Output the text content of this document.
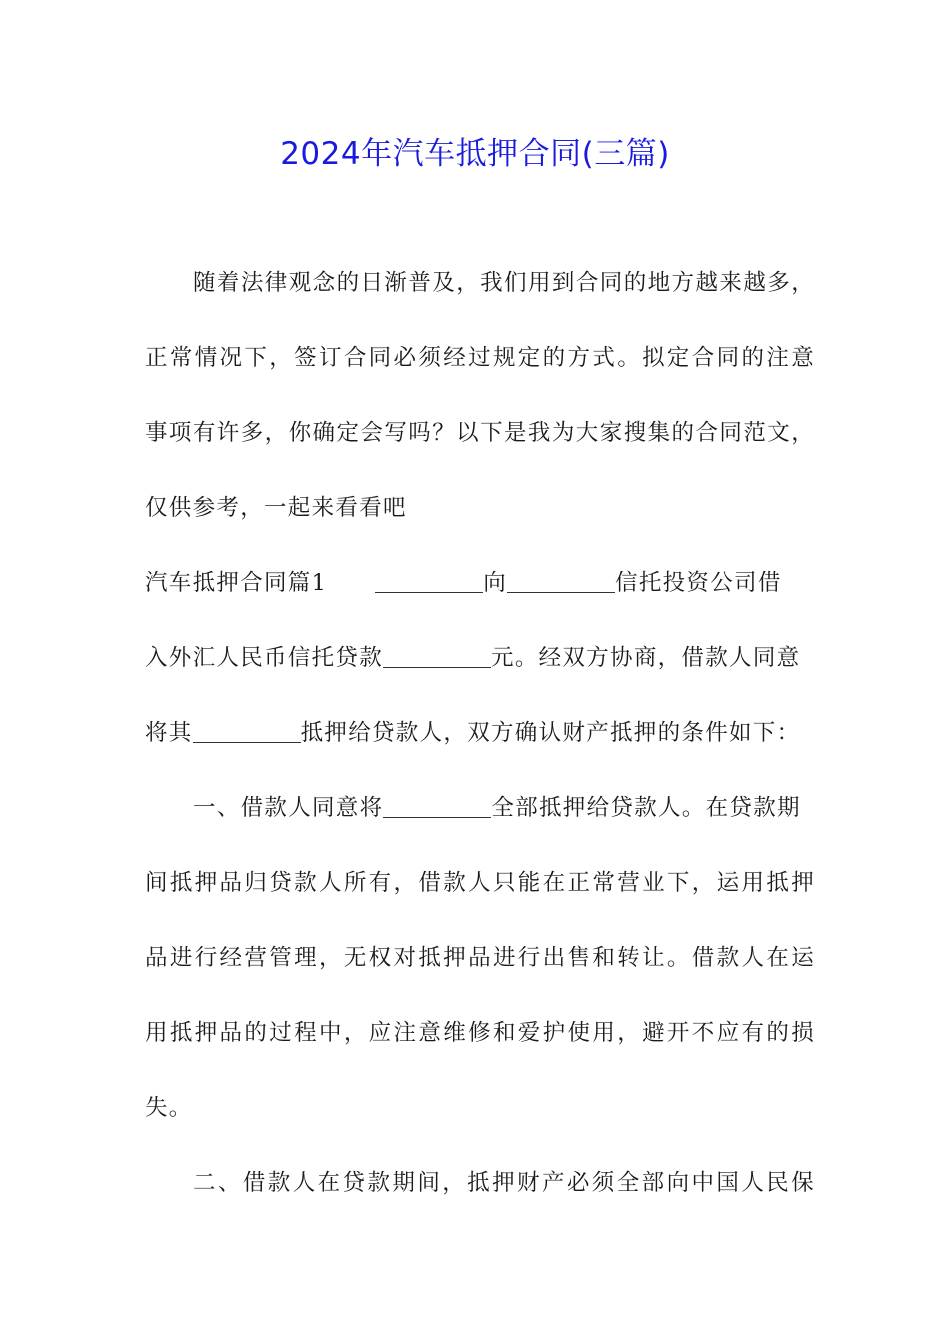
2024年汽车抵押合同(三篇)
随着法律观念的日渐普及，我们用到合同的地方越来越多，
正常情况下，签订合同必须经过规定的方式。拟定合同的注意
事项有许多，你确定会写吗？以下是我为大家搜集的合同范文，
仅供参考，一起来看看吧
汽车抵押合同篇1	向	信托投资公司借
入外汇人民币信托贷款	元。经双方协商，借款人同意
将其	抵押给贷款人，双方确认财产抵押的条件如下：
一、借款人同意将	全部抵押给贷款人。在贷款期
间抵押品归贷款人所有，借款人只能在正常营业下，运用抵押
品进行经营管理，无权对抵押品进行出售和转让。借款人在运
用抵押品的过程中，应注意维修和爱护使用，避开不应有的损
失。
二、借款人在贷款期间，抵押财产必须全部向中国人民保
